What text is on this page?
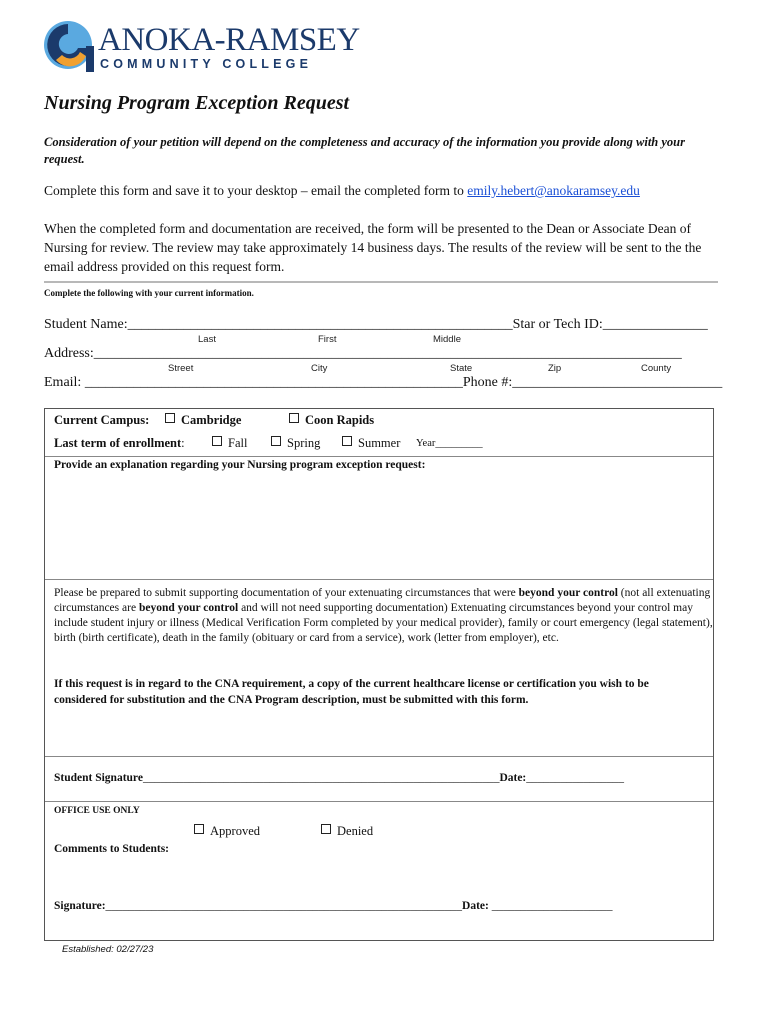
ANOKA-RAMSEY
COMMUNITY COLLEGE
Nursing Program Exception Request
Consideration of your petition will depend on the completeness and accuracy of the information you provide along with your request.
Complete this form and save it to your desktop – email the completed form to emily.hebert@anokaramsey.edu
When the completed form and documentation are received, the form will be presented to the Dean or Associate Dean of Nursing for review. The review may take approximately 14 business days. The results of the review will be sent to the the email address provided on this request form.
Complete the following with your current information.
Student Name:_______________________________________________________Star or Tech ID:_______________
Last	First	Middle
Address:____________________________________________________________________________________
Street	City	State	Zip	County
Email: ______________________________________________________Phone #:______________________________
Current Campus:	Cambridge	Coon Rapids
Last term of enrollment:	Fall	Spring	Summer Year_________
Provide an explanation regarding your Nursing program exception request:
Please be prepared to submit supporting documentation of your extenuating circumstances that were beyond your control (not all extenuating circumstances are beyond your control and will not need supporting documentation) Extenuating circumstances beyond your control may include student injury or illness (Medical Verification Form completed by your medical provider), family or court emergency (legal statement), birth (birth certificate), death in the family (obituary or card from a service), work (letter from employer), etc.
If this request is in regard to the CNA requirement, a copy of the current healthcare license or certification you wish to be considered for substitution and the CNA Program description, must be submitted with this form.
Student Signature______________________________________________________________Date:_________________
OFFICE USE ONLY
Approved	Denied
Comments to Students:
Signature:______________________________________________________________Date: _____________________
Established: 02/27/23
